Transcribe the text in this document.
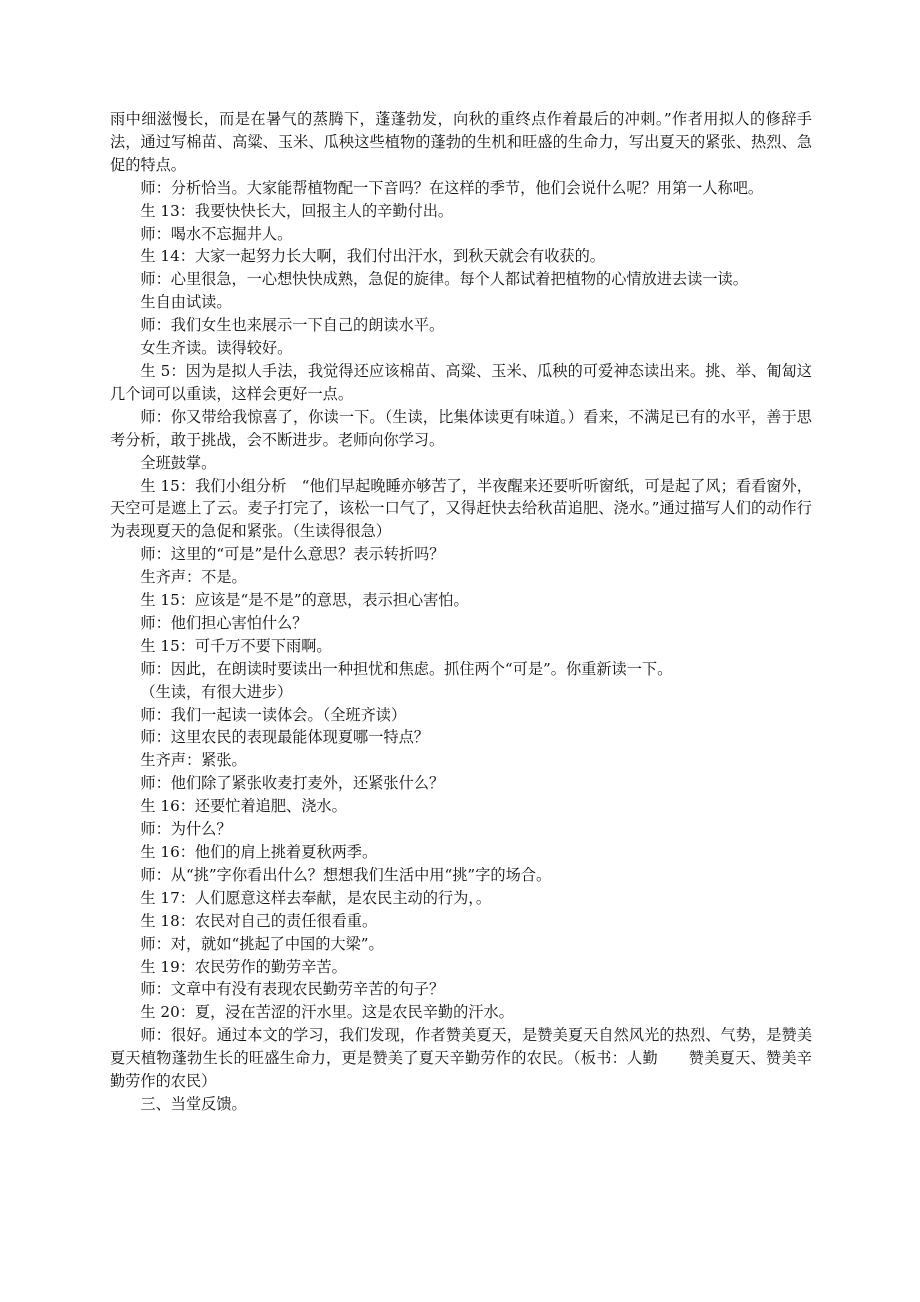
雨中细滋慢长，而是在暑气的蒸腾下，蓬蓬勃发，向秋的重终点作着最后的冲刺。”作者用拟人的修辞手法，通过写棉苗、高粱、玉米、瓜秧这些植物的蓬勃的生机和旺盛的生命力，写出夏天的紧张、热烈、急促的特点。

师：分析恰当。大家能帮植物配一下音吗？在这样的季节，他们会说什么呢？用第一人称吧。

生 13：我要快快长大，回报主人的辛勤付出。

师：喝水不忘掘井人。

生 14：大家一起努力长大啊，我们付出汗水，到秋天就会有收获的。

师：心里很急，一心想快快成熟，急促的旋律。每个人都试着把植物的心情放进去读一读。

生自由试读。

师：我们女生也来展示一下自己的朗读水平。

女生齐读。读得较好。

生 5：因为是拟人手法，我觉得还应该棉苗、高粱、玉米、瓜秧的可爱神态读出来。挑、举、匍匐这几个词可以重读，这样会更好一点。

师：你又带给我惊喜了，你读一下。（生读，比集体读更有味道。）看来，不满足已有的水平，善于思考分析，敢于挑战，会不断进步。老师向你学习。

全班鼓掌。

生 15：我们小组分析　“他们早起晚睡亦够苦了，半夜醒来还要听听窗纸，可是起了风；看看窗外，天空可是遮上了云。麦子打完了，该松一口气了，又得赶快去给秋苗追肥、浇水。”通过描写人们的动作行为表现夏天的急促和紧张。（生读得很急）

师：这里的“可是”是什么意思？表示转折吗？

生齐声：不是。

生 15：应该是“是不是”的意思，表示担心害怕。

师：他们担心害怕什么？

生 15：可千万不要下雨啊。

师：因此，在朗读时要读出一种担忧和焦虑。抓住两个“可是”。你重新读一下。

（生读，有很大进步）

师：我们一起读一读体会。（全班齐读）

师：这里农民的表现最能体现夏哪一特点？

生齐声：紧张。

师：他们除了紧张收麦打麦外，还紧张什么？

生 16：还要忙着追肥、浇水。

师：为什么？

生 16：他们的肩上挑着夏秋两季。

师：从“挑”字你看出什么？想想我们生活中用“挑”字的场合。

生 17：人们愿意这样去奉献，是农民主动的行为，。

生 18：农民对自己的责任很看重。

师：对，就如“挑起了中国的大梁”。

生 19：农民劳作的勤劳辛苦。

师：文章中有没有表现农民勤劳辛苦的句子？

生 20：夏，浸在苦涩的汗水里。这是农民辛勤的汗水。

师：很好。通过本文的学习，我们发现，作者赞美夏天，是赞美夏天自然风光的热烈、气势，是赞美夏天植物蓬勃生长的旺盛生命力，更是赞美了夏天辛勤劳作的农民。（板书：人勤　　赞美夏天、赞美辛勤劳作的农民）

三、当堂反馈。
